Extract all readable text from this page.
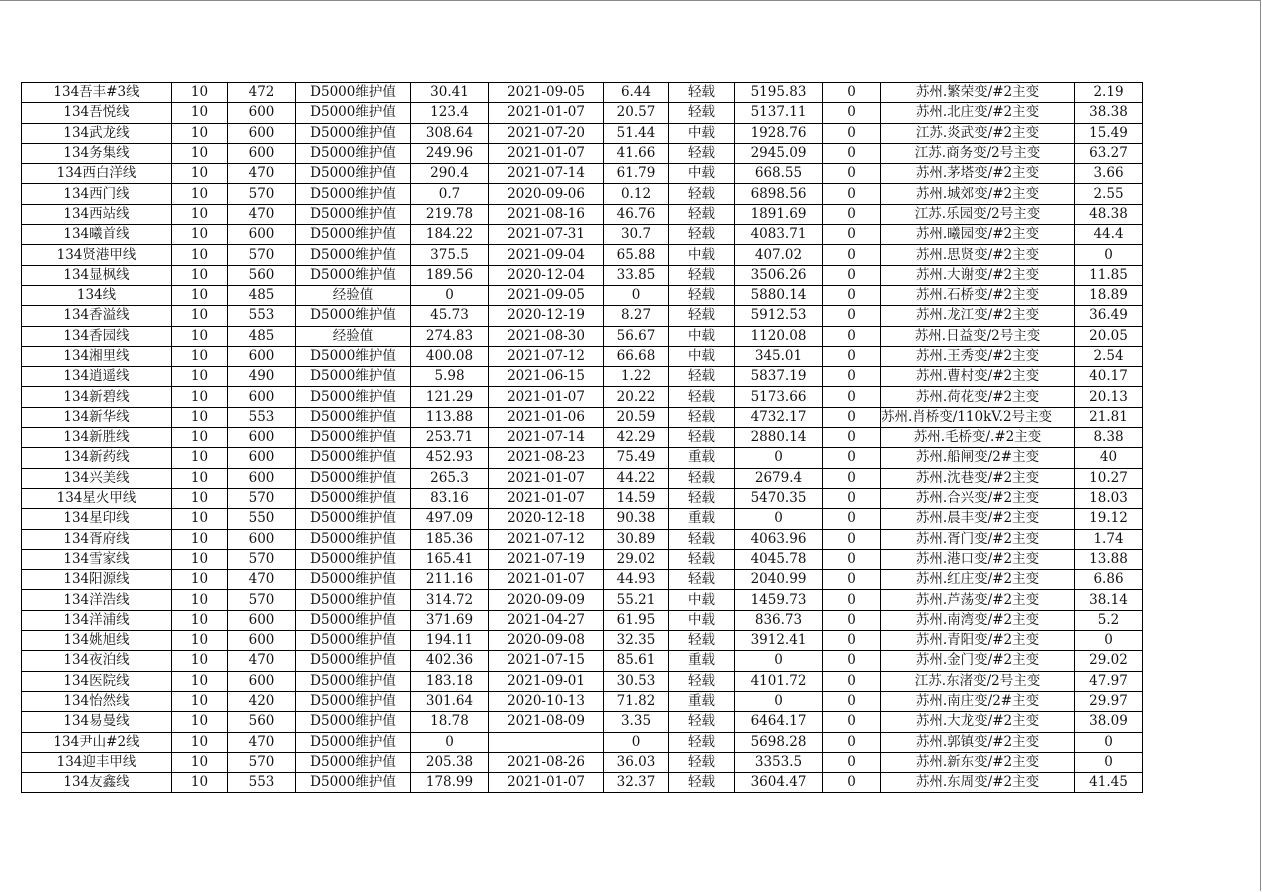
134吾丰#3线	10	472	D5000维护值	30.41	2021-09-05	6.44	轻载	5195.83	0	苏州.繁荣变/#2主变	2.19
134吾悦线	10	600	D5000维护值	123.4	2021-01-07	20.57	轻载	5137.11	0	苏州.北庄变/#2主变	38.38
134武龙线	10	600	D5000维护值	308.64	2021-07-20	51.44	中载	1928.76	0	江苏.炎武变/#2主变	15.49
134务集线	10	600	D5000维护值	249.96	2021-01-07	41.66	轻载	2945.09	0	江苏.商务变/2号主变	63.27
134西白洋线	10	470	D5000维护值	290.4	2021-07-14	61.79	中载	668.55	0	苏州.茅塔变/#2主变	3.66
134西门线	10	570	D5000维护值	0.7	2020-09-06	0.12	轻载	6898.56	0	苏州.城郊变/#2主变	2.55
134西站线	10	470	D5000维护值	219.78	2021-08-16	46.76	轻载	1891.69	0	江苏.乐园变/2号主变	48.38
134曦首线	10	600	D5000维护值	184.22	2021-07-31	30.7	轻载	4083.71	0	苏州.曦园变/#2主变	44.4
134贤港甲线	10	570	D5000维护值	375.5	2021-09-04	65.88	中载	407.02	0	苏州.思贤变/#2主变	0
134显枫线	10	560	D5000维护值	189.56	2020-12-04	33.85	轻载	3506.26	0	苏州.大谢变/#2主变	11.85
134线	10	485	经验值	0	2021-09-05	0	轻载	5880.14	0	苏州.石桥变/#2主变	18.89
134香溢线	10	553	D5000维护值	45.73	2020-12-19	8.27	轻载	5912.53	0	苏州.龙江变/#2主变	36.49
134香园线	10	485	经验值	274.83	2021-08-30	56.67	中载	1120.08	0	苏州.日益变/2号主变	20.05
134湘里线	10	600	D5000维护值	400.08	2021-07-12	66.68	中载	345.01	0	苏州.王秀变/#2主变	2.54
134逍遥线	10	490	D5000维护值	5.98	2021-06-15	1.22	轻载	5837.19	0	苏州.曹村变/#2主变	40.17
134新碧线	10	600	D5000维护值	121.29	2021-01-07	20.22	轻载	5173.66	0	苏州.荷花变/#2主变	20.13
134新华线	10	553	D5000维护值	113.88	2021-01-06	20.59	轻载	4732.17	0	苏州.肖桥变/110kV.2号主变	21.81
134新胜线	10	600	D5000维护值	253.71	2021-07-14	42.29	轻载	2880.14	0	苏州.毛桥变/.#2主变	8.38
134新药线	10	600	D5000维护值	452.93	2021-08-23	75.49	重载	0	0	苏州.船闸变/2#主变	40
134兴美线	10	600	D5000维护值	265.3	2021-01-07	44.22	轻载	2679.4	0	苏州.沈巷变/#2主变	10.27
134星火甲线	10	570	D5000维护值	83.16	2021-01-07	14.59	轻载	5470.35	0	苏州.合兴变/#2主变	18.03
134星印线	10	550	D5000维护值	497.09	2020-12-18	90.38	重载	0	0	苏州.晨丰变/#2主变	19.12
134胥府线	10	600	D5000维护值	185.36	2021-07-12	30.89	轻载	4063.96	0	苏州.胥门变/#2主变	1.74
134雪家线	10	570	D5000维护值	165.41	2021-07-19	29.02	轻载	4045.78	0	苏州.港口变/#2主变	13.88
134阳源线	10	470	D5000维护值	211.16	2021-01-07	44.93	轻载	2040.99	0	苏州.红庄变/#2主变	6.86
134洋浩线	10	570	D5000维护值	314.72	2020-09-09	55.21	中载	1459.73	0	苏州.芦荡变/#2主变	38.14
134洋浦线	10	600	D5000维护值	371.69	2021-04-27	61.95	中载	836.73	0	苏州.南湾变/#2主变	5.2
134姚旭线	10	600	D5000维护值	194.11	2020-09-08	32.35	轻载	3912.41	0	苏州.青阳变/#2主变	0
134夜泊线	10	470	D5000维护值	402.36	2021-07-15	85.61	重载	0	0	苏州.金门变/#2主变	29.02
134医院线	10	600	D5000维护值	183.18	2021-09-01	30.53	轻载	4101.72	0	江苏.东渚变/2号主变	47.97
134怡然线	10	420	D5000维护值	301.64	2020-10-13	71.82	重载	0	0	苏州.南庄变/2#主变	29.97
134易曼线	10	560	D5000维护值	18.78	2021-08-09	3.35	轻载	6464.17	0	苏州.大龙变/#2主变	38.09
134尹山#2线	10	470	D5000维护值	0		0	轻载	5698.28	0	苏州.郭镇变/#2主变	0
134迎丰甲线	10	570	D5000维护值	205.38	2021-08-26	36.03	轻载	3353.5	0	苏州.新东变/#2主变	0
134友鑫线	10	553	D5000维护值	178.99	2021-01-07	32.37	轻载	3604.47	0	苏州.东周变/#2主变	41.45
